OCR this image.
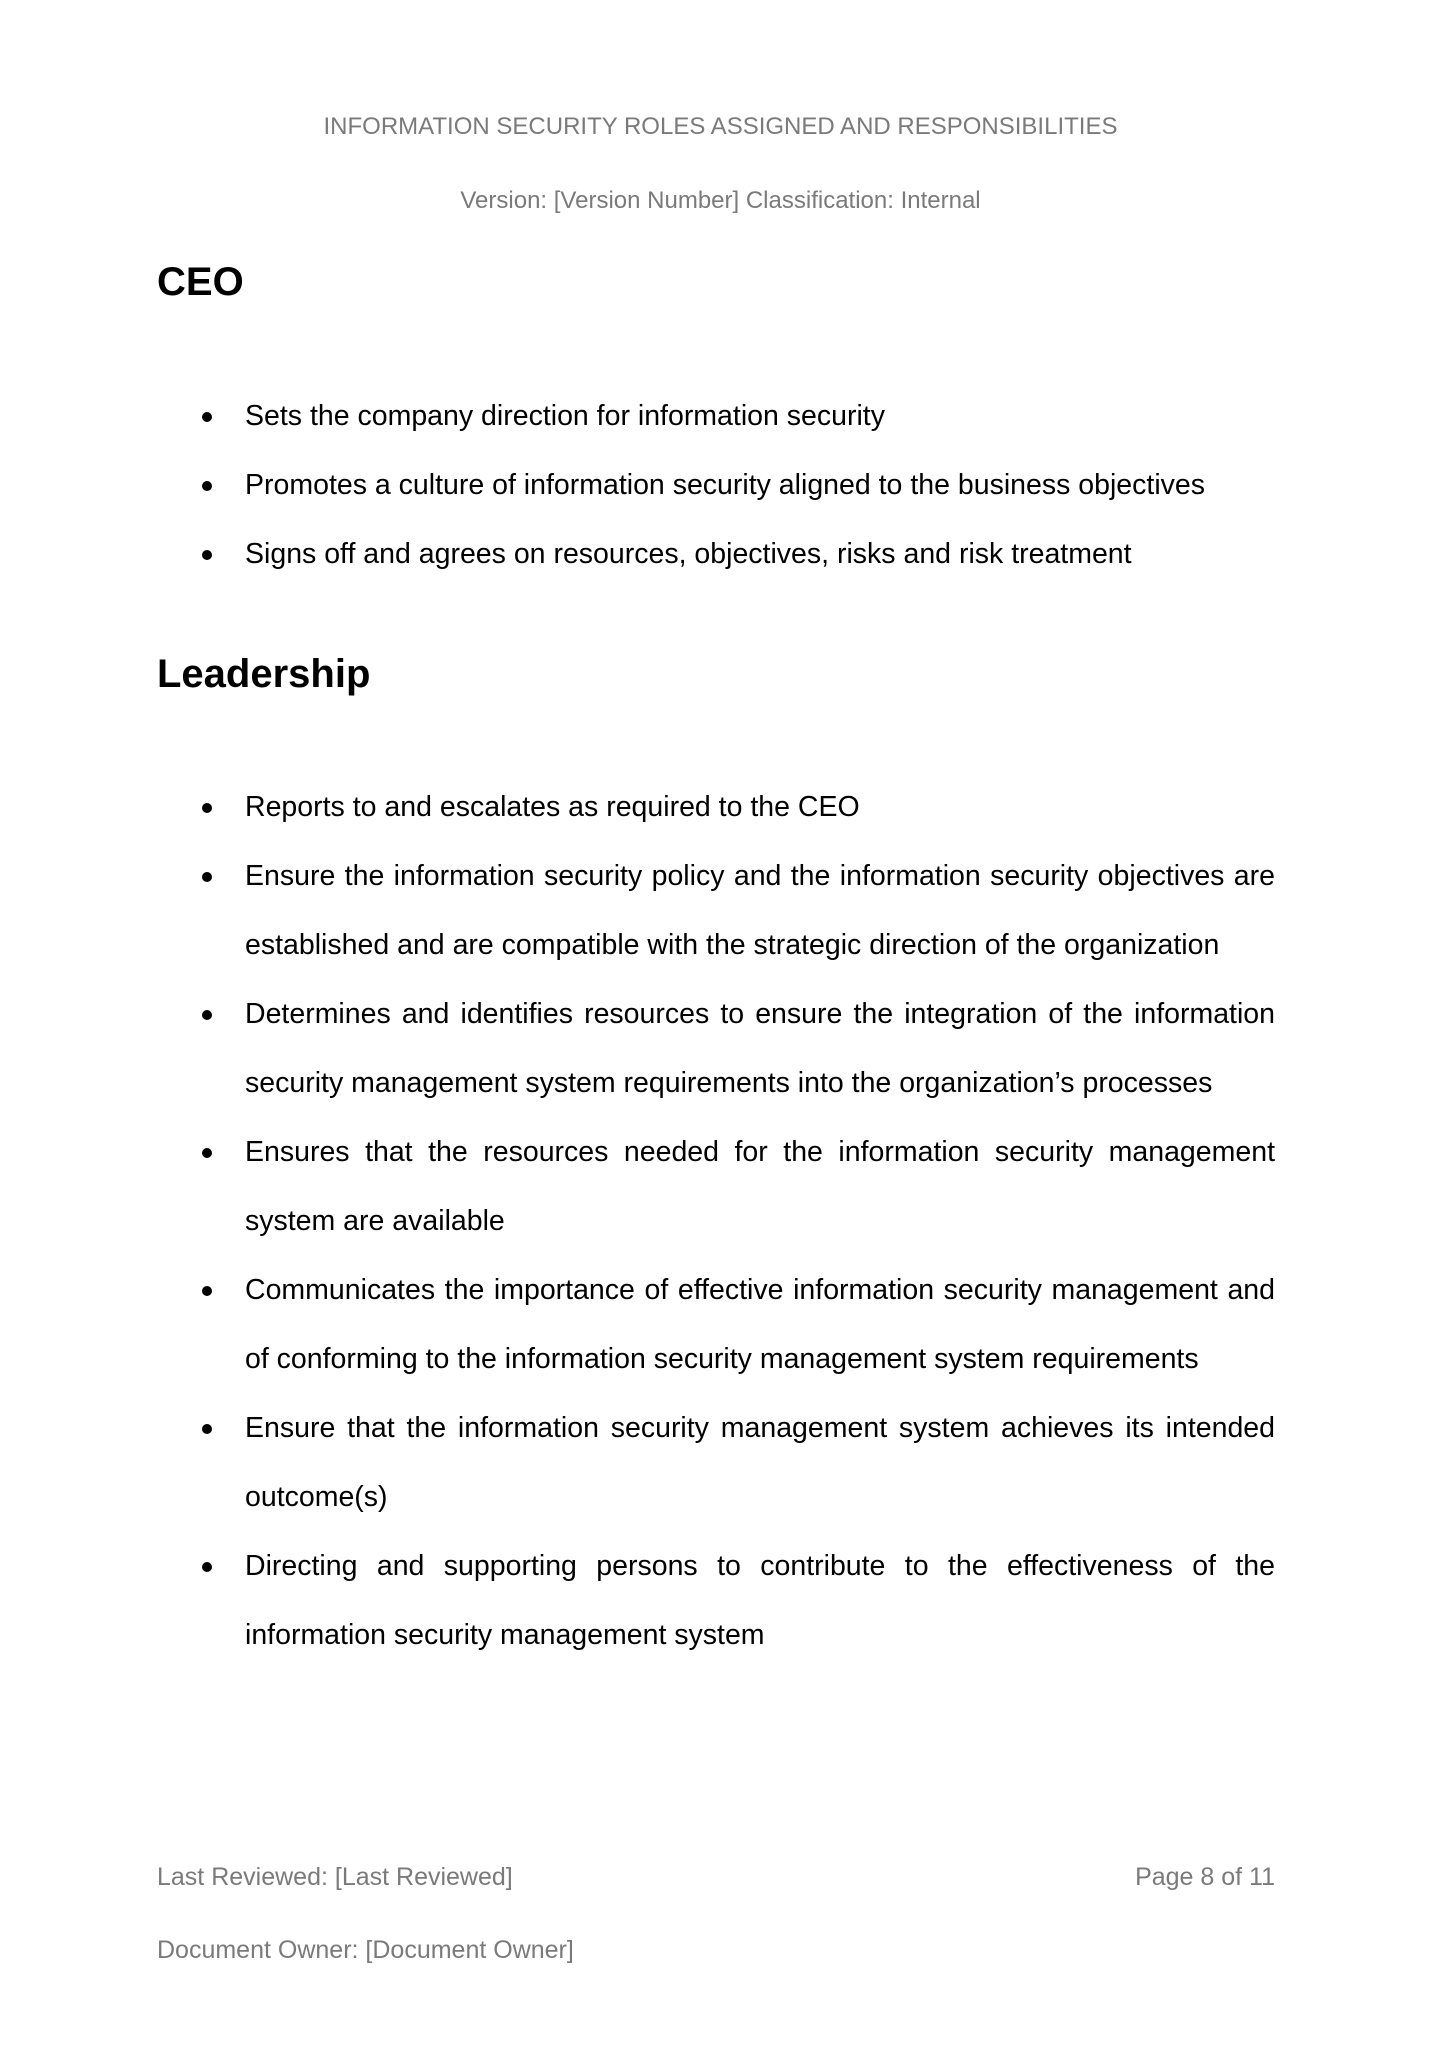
INFORMATION SECURITY ROLES ASSIGNED AND RESPONSIBILITIES
Version: [Version Number] Classification: Internal
CEO
Sets the company direction for information security
Promotes a culture of information security aligned to the business objectives
Signs off and agrees on resources, objectives, risks and risk treatment
Leadership
Reports to and escalates as required to the CEO
Ensure the information security policy and the information security objectives are established and are compatible with the strategic direction of the organization
Determines and identifies resources to ensure the integration of the information security management system requirements into the organization’s processes
Ensures that the resources needed for the information security management system are available
Communicates the importance of effective information security management and of conforming to the information security management system requirements
Ensure that the information security management system achieves its intended outcome(s)
Directing and supporting persons to contribute to the effectiveness of the information security management system
Last Reviewed: [Last Reviewed]	Page 8 of 11
Document Owner: [Document Owner]
